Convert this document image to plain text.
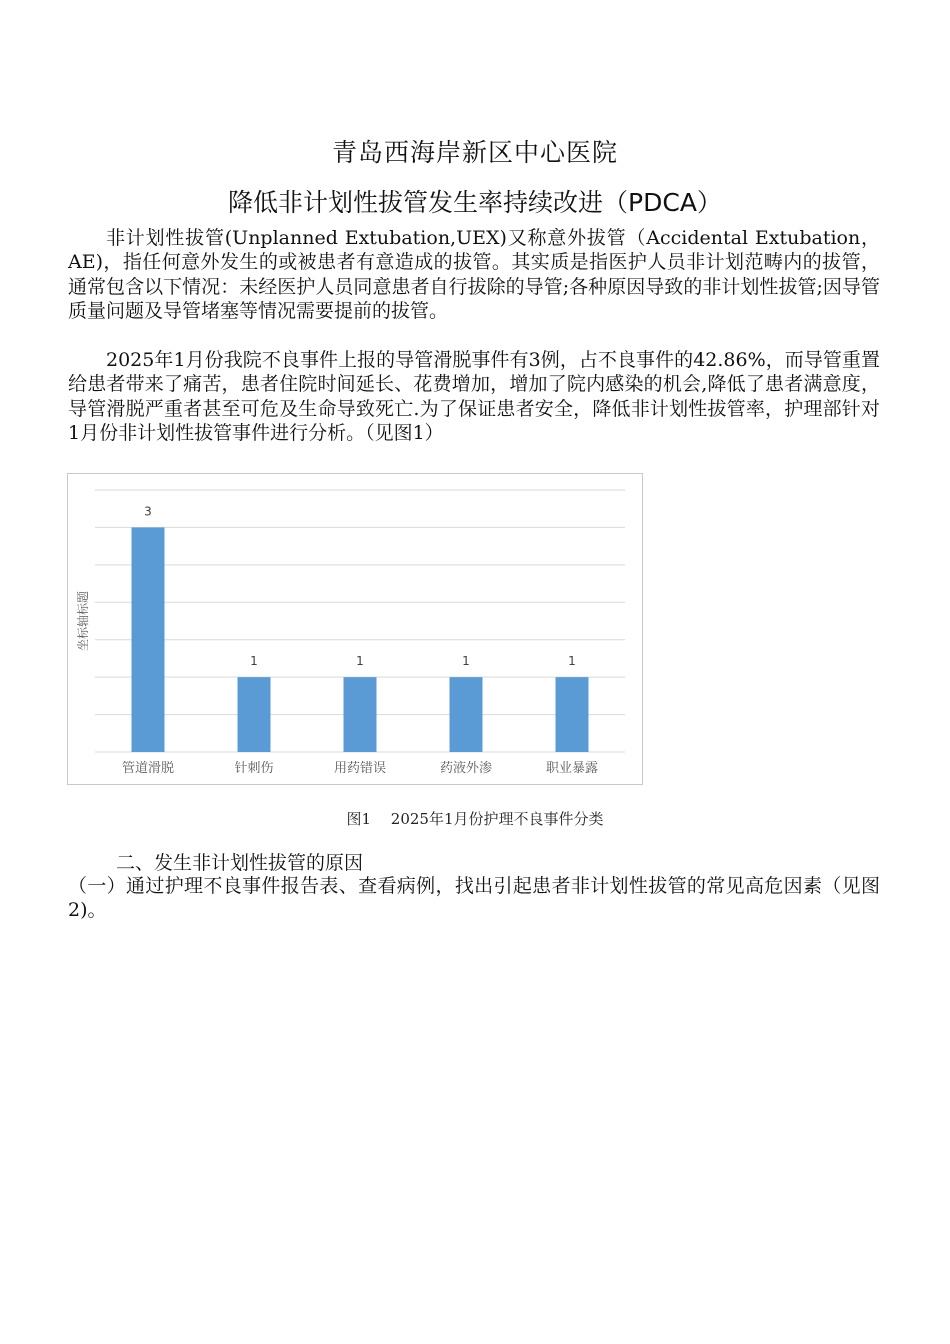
青岛西海岸新区中心医院
降低非计划性拔管发生率持续改进（PDCA）

非计划性拔管(Unplanned Extubation,UEX)又称意外拔管（Accidental Extubation，AE)，指任何意外发生的或被患者有意造成的拔管。其实质是指医护人员非计划范畴内的拔管，通常包含以下情况：未经医护人员同意患者自行拔除的导管;各种原因导致的非计划性拔管;因导管质量问题及导管堵塞等情况需要提前的拔管。

2025年1月份我院不良事件上报的导管滑脱事件有3例，占不良事件的42.86%，而导管重置给患者带来了痛苦，患者住院时间延长、花费增加，增加了院内感染的机会,降低了患者满意度，导管滑脱严重者甚至可危及生命导致死亡.为了保证患者安全，降低非计划性拔管率，护理部针对1月份非计划性拔管事件进行分析。（见图1）

坐标轴标题
3
管道滑脱
1
针刺伤
1
用药错误
1
药液外渗
1
职业暴露
图1　 2025年1月份护理不良事件分类

二、发生非计划性拔管的原因

（一）通过护理不良事件报告表、查看病例，找出引起患者非计划性拔管的常见高危因素（见图2)。
